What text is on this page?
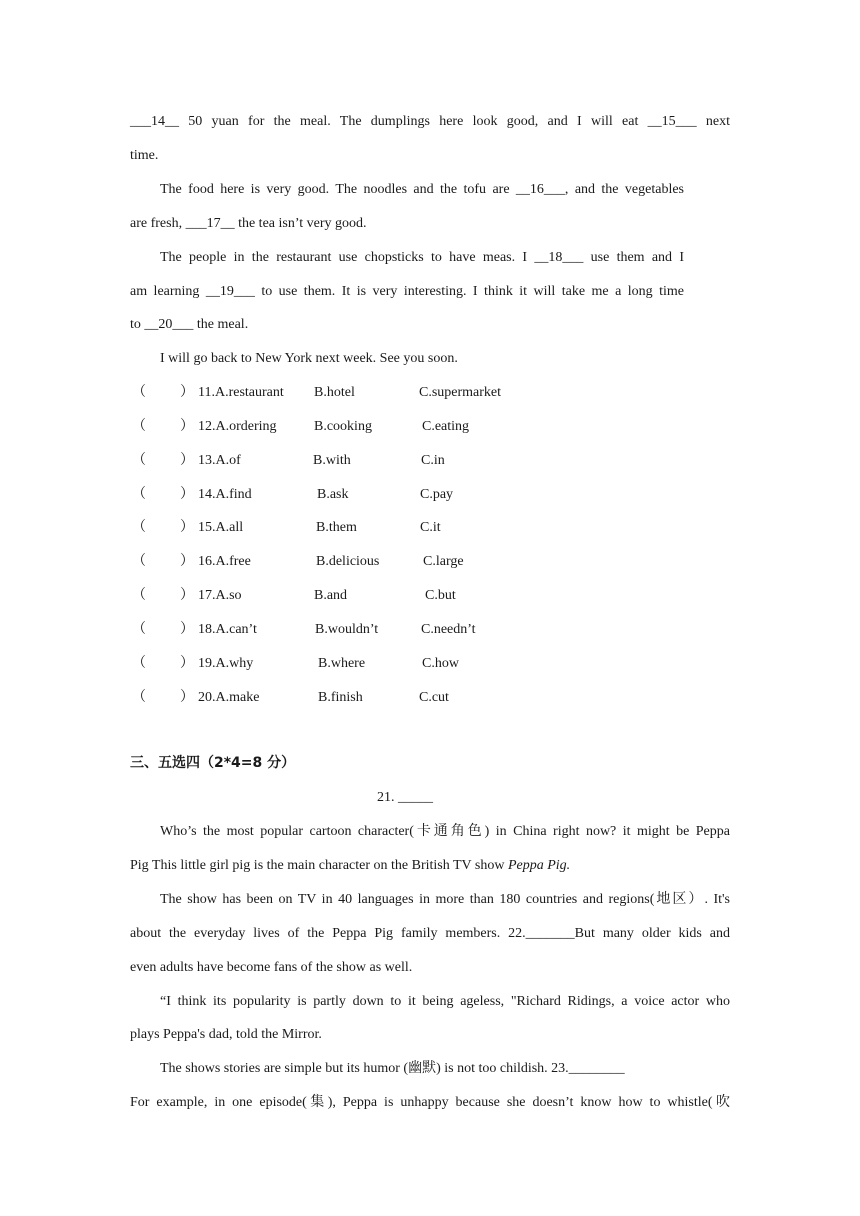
___14__ 50 yuan for the meal. The dumplings here look good, and I will eat __15___ next
time.
The food here is very good. The noodles and the tofu are __16___, and the vegetables
are fresh, ___17__ the tea isn’t very good.
The people in the restaurant use chopsticks to have meas. I __18___ use them and I
am learning __19___ to use them. It is very interesting. I think it will take me a long time
to __20___ the meal.
I will go back to New York next week. See you soon.
（ ） 11.A.restaurant B.hotel	C.supermarket
（ ） 12.A.ordering	B.cooking	C.eating
（ ） 13.A.of	B.with	C.in
（ ） 14.A.find	B.ask	C.pay
（ ） 15.A.all	B.them	C.it
（ ） 16.A.free	B.delicious	C.large
（ ） 17.A.so	B.and	C.but
（ ） 18.A.can’t	B.wouldn’t	C.needn’t
（ ） 19.A.why	B.where	C.how
（ ） 20.A.make	B.finish	C.cut
三、五选四（2*4=8 分）
21. _____
Who’s the most popular cartoon character(卡通角色) in China right now? it might be Peppa
Pig This little girl pig is the main character on the British TV show Peppa Pig.
The show has been on TV in 40 languages in more than 180 countries and regions(地区）. It's
about the everyday lives of the Peppa Pig family members. 22._______But many older kids and
even adults have become fans of the show as well.
“I think its popularity is partly down to it being ageless, "Richard Ridings, a voice actor who
plays Peppa's dad, told the Mirror.
The shows stories are simple but its humor (幽默) is not too childish. 23.________
For example, in one episode(集), Peppa is unhappy because she doesn’t know how to whistle(吹
